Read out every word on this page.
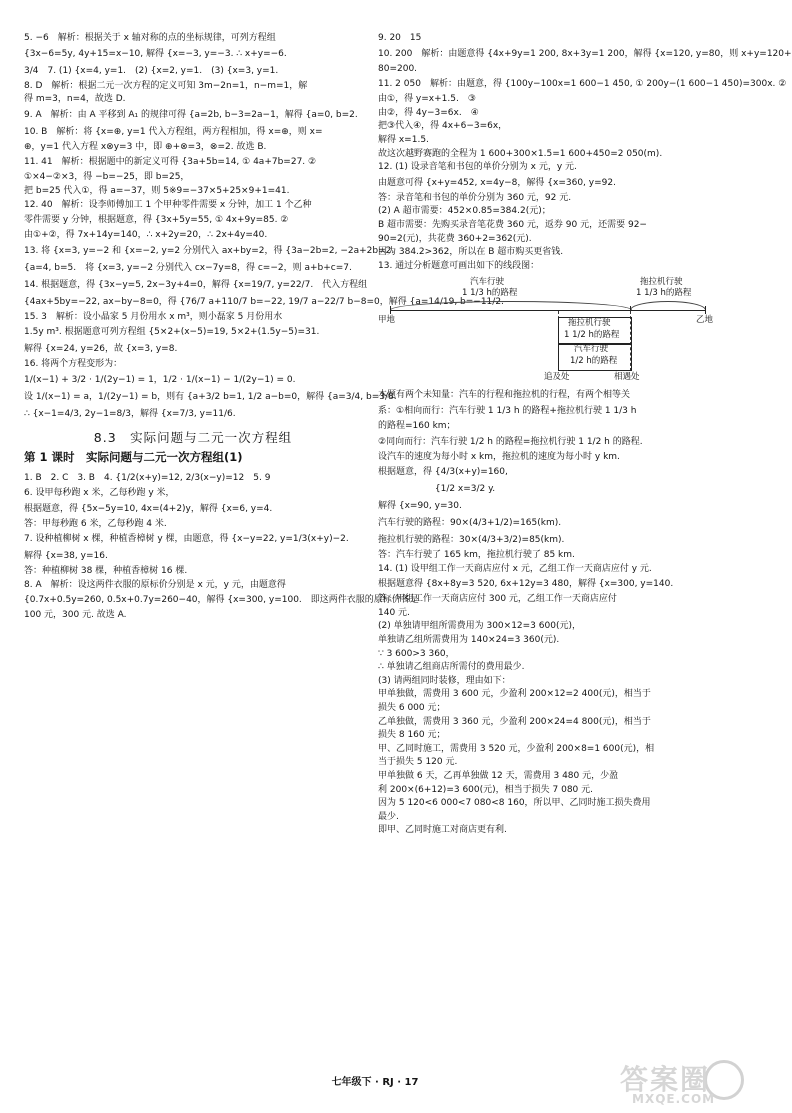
5. −6　解析：根据关于 x 轴对称的点的坐标规律，可列方程组
{3x−6=5y, 4y+15=x−10, 解得 {x=−3, y=−3. ∴ x+y=−6.
3/4　7. (1) {x=4, y=1.　(2) {x=2, y=1.　(3) {x=3, y=1.
8. D　解析：根据二元一次方程的定义可知 3m−2n=1，n−m=1，解
得 m=3，n=4，故选 D.
9. A　解析：由 A 平移到 A₁ 的规律可得 {a=2b, b−3=2a−1，解得 {a=0, b=2.
10. B　解析：将 {x=⊕, y=1 代入方程组，两方程相加，得 x=⊕，则 x=
⊕，y=1 代入方程 x⊗y=3 中，即 ⊕+⊗=3，⊗=2. 故选 B.
11. 41　解析：根据题中的新定义可得 {3a+5b=14, ① 4a+7b=27. ②
①×4−②×3，得 −b=−25，即 b=25，
把 b=25 代入①，得 a=−37，则 5※9=−37×5+25×9+1=41.
12. 40　解析：设李师傅加工 1 个甲种零件需要 x 分钟，加工 1 个乙种
零件需要 y 分钟，根据题意，得 {3x+5y=55, ① 4x+9y=85. ②
由①+②，得 7x+14y=140，∴ x+2y=20，∴ 2x+4y=40.
13. 将 {x=3, y=−2 和 {x=−2, y=2 分别代入 ax+by=2，得 {3a−2b=2, −2a+2b=2.
{a=4, b=5.　将 {x=3, y=−2 分别代入 cx−7y=8，得 c=−2，则 a+b+c=7.
14. 根据题意，得 {3x−y=5, 2x−3y+4=0，解得 {x=19/7, y=22/7.　代入方程组
{4ax+5by=−22, ax−by−8=0，得 {76/7 a+110/7 b=−22, 19/7 a−22/7 b−8=0，解得 {a=14/19, b=−11/2.
15. 3　解析：设小晶家 5 月份用水 x m³，则小磊家 5 月份用水
1.5y m³. 根据题意可列方程组 {5×2+(x−5)=19, 5×2+(1.5y−5)=31.
解得 {x=24, y=26，故 {x=3, y=8.
16. 将两个方程变形为：
1/(x−1) + 3/2 · 1/(2y−1) = 1，1/2 · 1/(x−1) − 1/(2y−1) = 0.
设 1/(x−1) = a，1/(2y−1) = b，则有 {a+3/2 b=1, 1/2 a−b=0，解得 {a=3/4, b=3/8.
∴ {x−1=4/3, 2y−1=8/3，解得 {x=7/3, y=11/6.
8.3　实际问题与二元一次方程组
第 1 课时　实际问题与二元一次方程组(1)
1. B　2. C　3. B　4. {1/2(x+y)=12, 2/3(x−y)=12　5. 9
6. 设甲每秒跑 x 米，乙每秒跑 y 米，
根据题意，得 {5x−5y=10, 4x=(4+2)y，解得 {x=6, y=4.
答：甲每秒跑 6 米，乙每秒跑 4 米.
7. 设种植柳树 x 棵，种植香樟树 y 棵，由题意，得 {x−y=22, y=1/3(x+y)−2.
解得 {x=38, y=16.
答：种植柳树 38 棵，种植香樟树 16 棵.
8. A　解析：设这两件衣服的原标价分别是 x 元，y 元，由题意得
{0.7x+0.5y=260, 0.5x+0.7y=260−40，解得 {x=300, y=100.　即这两件衣服的原标价各是
100 元，300 元. 故选 A.
9. 20　15
10. 200　解析：由题意得 {4x+9y=1 200, 8x+3y=1 200，解得 {x=120, y=80，则 x+y=120+
80=200.
11. 2 050　解析：由题意，得 {100y−100x=1 600−1 450, ① 200y−(1 600−1 450)=300x. ②
由①，得 y=x+1.5.　③
由②，得 4y−3=6x.　④
把③代入④，得 4x+6−3=6x，
解得 x=1.5.
故这次越野赛跑的全程为 1 600+300×1.5=1 600+450=2 050(m).
12. (1) 设录音笔和书包的单价分别为 x 元，y 元.
由题意可得 {x+y=452, x=4y−8，解得 {x=360, y=92.
答：录音笔和书包的单价分别为 360 元，92 元.
(2) A 超市需要：452×0.85=384.2(元)；
B 超市需要：先购买录音笔花费 360 元，返券 90 元，还需要 92−
90=2(元)，共花费 360+2=362(元).
因为 384.2>362，所以在 B 超市购买更省钱.
13. 通过分析题意可画出如下的线段图：
汽车行驶
1 1/3 h的路程
拖拉机行驶
1 1/3 h的路程
甲地	乙地
拖拉机行驶
1 1/2 h的路程
汽车行驶
1/2 h的路程
追及处	相遇处
本题有两个未知量：汽车的行程和拖拉机的行程，有两个相等关
系：①相向而行：汽车行驶 1 1/3 h 的路程+拖拉机行驶 1 1/3 h
的路程=160 km；
②同向而行：汽车行驶 1/2 h 的路程=拖拉机行驶 1 1/2 h 的路程.
设汽车的速度为每小时 x km，拖拉机的速度为每小时 y km.
根据题意，得 {4/3(x+y)=160,
　　　　　　 {1/2 x=3/2 y.
解得 {x=90, y=30.
汽车行驶的路程：90×(4/3+1/2)=165(km).
拖拉机行驶的路程：30×(4/3+3/2)=85(km).
答：汽车行驶了 165 km，拖拉机行驶了 85 km.
14. (1) 设甲组工作一天商店应付 x 元，乙组工作一天商店应付 y 元.
根据题意得 {8x+8y=3 520, 6x+12y=3 480，解得 {x=300, y=140.
答：甲组工作一天商店应付 300 元，乙组工作一天商店应付
140 元.
(2) 单独请甲组所需费用为 300×12=3 600(元)，
单独请乙组所需费用为 140×24=3 360(元).
∵ 3 600>3 360，
∴ 单独请乙组商店所需付的费用最少.
(3) 请两组同时装修，理由如下：
甲单独做，需费用 3 600 元，少盈利 200×12=2 400(元)，相当于
损失 6 000 元；
乙单独做，需费用 3 360 元，少盈利 200×24=4 800(元)，相当于
损失 8 160 元；
甲、乙同时施工，需费用 3 520 元，少盈利 200×8=1 600(元)，相
当于损失 5 120 元.
甲单独做 6 天，乙再单独做 12 天，需费用 3 480 元，少盈
利 200×(6+12)=3 600(元)，相当于损失 7 080 元.
因为 5 120<6 000<7 080<8 160，所以甲、乙同时施工损失费用
最少.
即甲、乙同时施工对商店更有利.
七年级下 · RJ · 17	答案圈
MXQE.COM
